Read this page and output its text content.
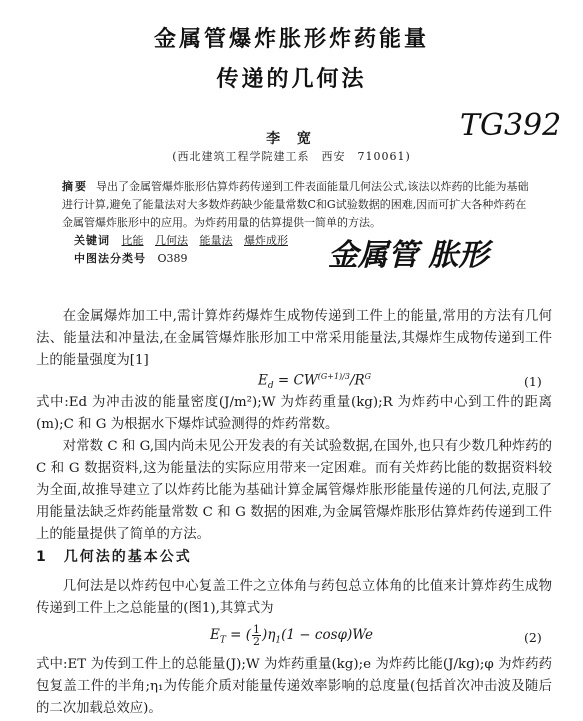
金属管爆炸胀形炸药能量
传递的几何法
李 宽
(西北建筑工程学院建工系　西安　710061)
TG392
金属管 胀形
摘要 导出了金属管爆炸胀形估算炸药传递到工件表面能量几何法公式,该法以炸药的比能为基础进行计算,避免了能量法对大多数炸药缺少能量常数C和G试验数据的困难,因而可扩大各种炸药在金属管爆炸胀形中的应用。为炸药用量的估算提供一简单的方法。
关键词 比能 几何法 能量法 爆炸成形
中图法分类号 O389
在金属爆炸加工中,需计算炸药爆炸生成物传递到工件上的能量,常用的方法有几何法、能量法和冲量法,在金属管爆炸胀形加工中常采用能量法,其爆炸生成物传递到工件上的能量强度为[1]
$E_d = CW^{(G+1)/3}/R^G$	(1)
式中:Ed 为冲击波的能量密度(J/m²);W 为炸药重量(kg);R 为炸药中心到工件的距离(m);C 和 G 为根据水下爆炸试验测得的炸药常数。
对常数 C 和 G,国内尚未见公开发表的有关试验数据,在国外,也只有少数几种炸药的 C 和 G 数据资料,这为能量法的实际应用带来一定困难。而有关炸药比能的数据资料较为全面,故推导建立了以炸药比能为基础计算金属管爆炸胀形能量传递的几何法,克服了用能量法缺乏炸药能量常数 C 和 G 数据的困难,为金属管爆炸胀形估算炸药传递到工件上的能量提供了简单的方法。
1　几何法的基本公式
几何法是以炸药包中心复盖工件之立体角与药包总立体角的比值来计算炸药生成物传递到工件上之总能量的(图1),其算式为
$E_T$ = ( $\frac{1}{2} )\eta_1(1 - \cos\varphi)We$	(2)
式中:ET 为传到工件上的总能量(J);W 为炸药重量(kg);e 为炸药比能(J/kg);φ 为炸药药包复盖工件的半角;η₁为传能介质对能量传递效率影响的总度量(包括首次冲击波及随后的二次加载总效应)。
